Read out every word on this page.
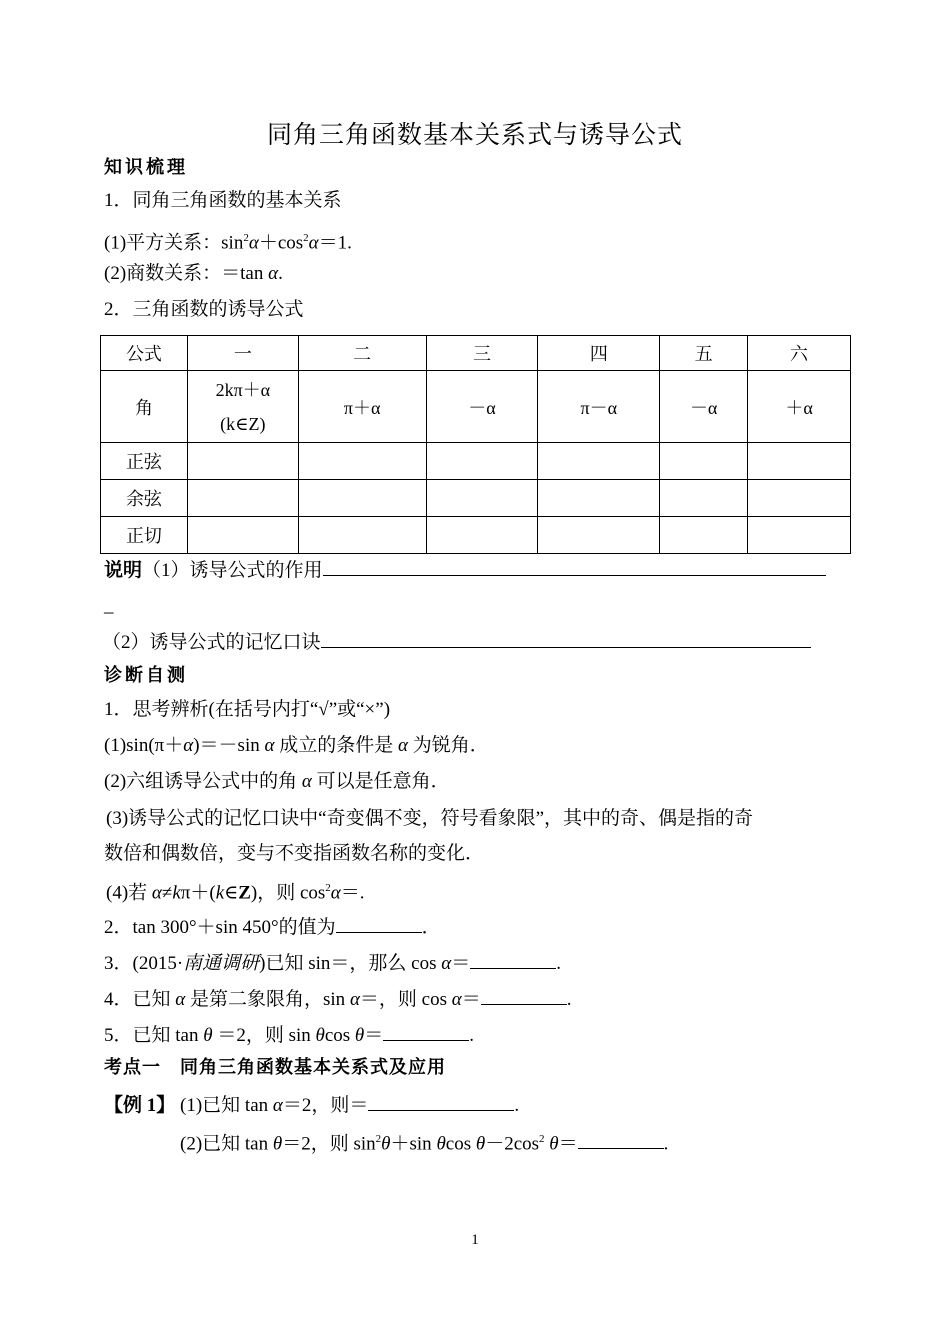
同角三角函数基本关系式与诱导公式
知识梳理
1．同角三角函数的基本关系
(1)平方关系：$\sin^2\alpha+\cos^2\alpha=1$.
(2)商数关系：＝tan α.
2．三角函数的诱导公式
公式	一	二	三	四	五	六
角	2kπ＋α (k∈Z)	π＋α	－α	π－α	－α	＋α
正弦						
余弦						
正切						
说明（1）诱导公式的作用
_
（2）诱导公式的记忆口诀
诊断自测
1．思考辨析(在括号内打“√”或“×”)
(1)sin(π＋α)＝－sin α 成立的条件是 α 为锐角．
(2)六组诱导公式中的角 α 可以是任意角．
(3)诱导公式的记忆口诀中“奇变偶不变，符号看象限”，其中的奇、偶是指的奇
数倍和偶数倍，变与不变指函数名称的变化．
(4)若 α≠kπ＋(k∈Z)，则 $\cos^2\alpha=$.
2．tan 300°＋sin 450°的值为	．
3．(2015·南通调研)已知 sin＝，那么 cos α＝	.
4．已知 α 是第二象限角，sin α＝，则 cos α＝	.
5．已知 tan θ ＝2，则 sin θcos θ＝	.
考点一　同角三角函数基本关系式及应用
【例 1】 (1)已知 tan α＝2，则＝	.
(2)已知 tan θ＝2，则 $\sin^2\theta+\sin$ θcos $\theta-2\cos^2$ θ＝	.
1
